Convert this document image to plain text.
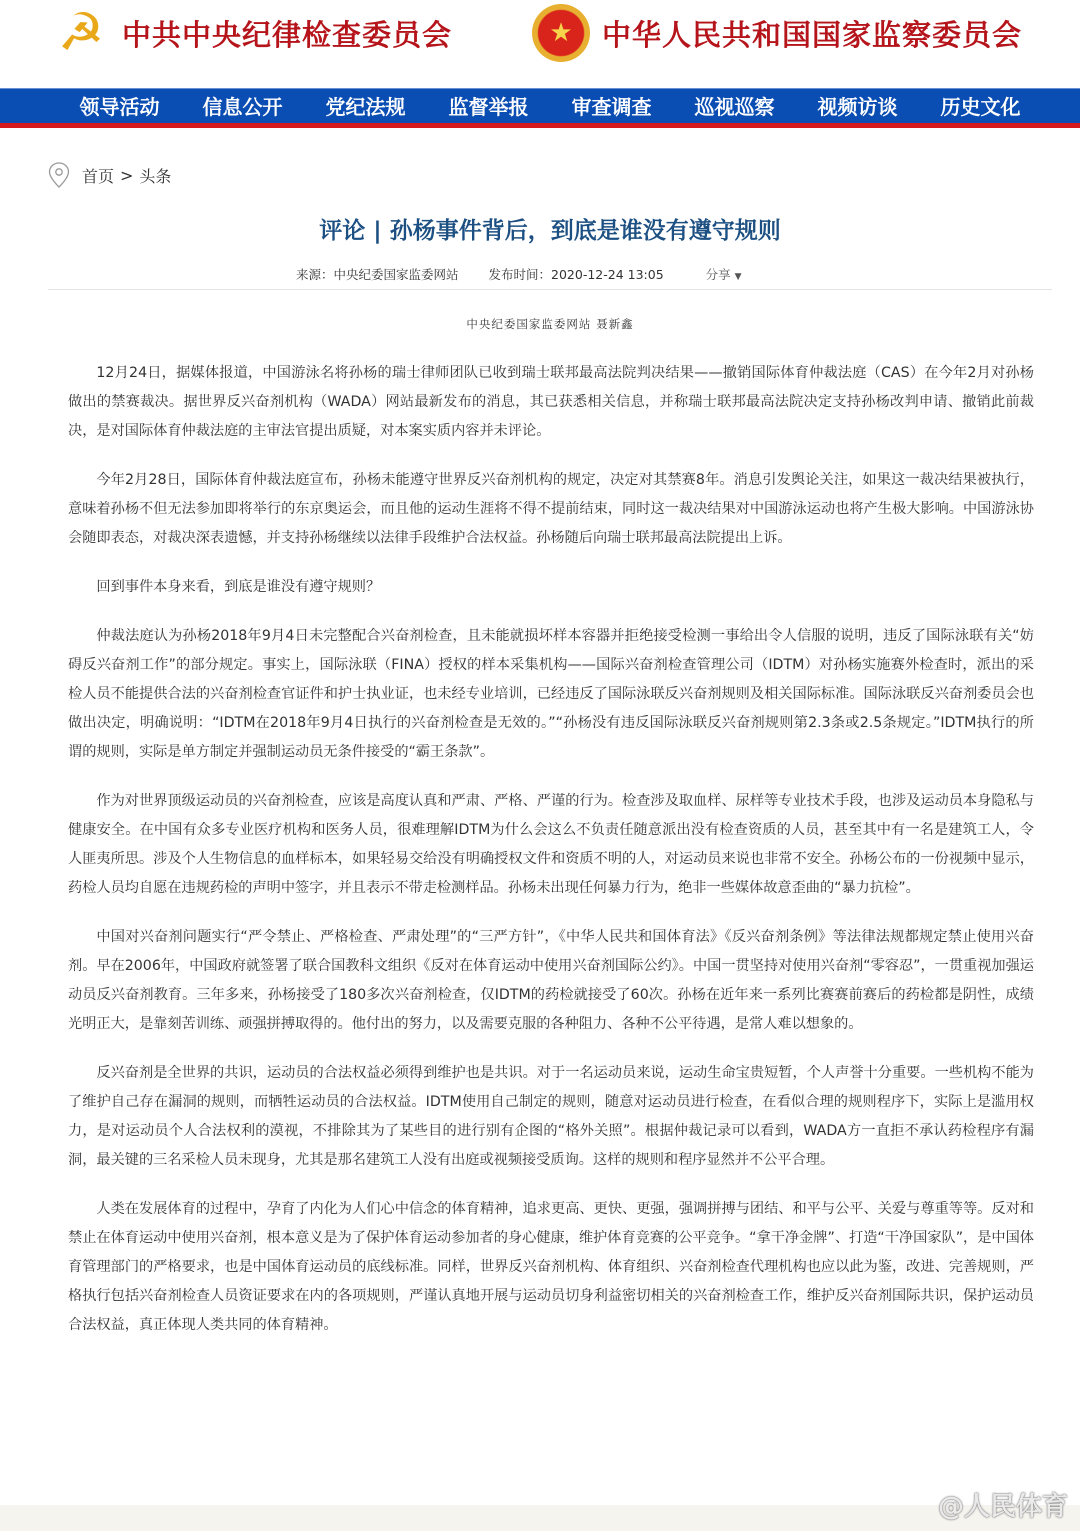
☭ 中共中央纪律检查委员会	★	中华人民共和国国家监察委员会
领导活动	信息公开	党纪法规	监督举报	审查调查	巡视巡察	视频访谈	历史文化
首页 > 头条
评论 | 孙杨事件背后，到底是谁没有遵守规则
来源：中央纪委国家监委网站 发布时间：2020-12-24 13:05	分享 ▼
中央纪委国家监委网站 聂新鑫

12月24日，据媒体报道，中国游泳名将孙杨的瑞士律师团队已收到瑞士联邦最高法院判决结果——撤销国际体育仲裁法庭（CAS）在今年2月对孙杨做出的禁赛裁决。据世界反兴奋剂机构（WADA）网站最新发布的消息，其已获悉相关信息，并称瑞士联邦最高法院决定支持孙杨改判申请、撤销此前裁决，是对国际体育仲裁法庭的主审法官提出质疑，对本案实质内容并未评论。

今年2月28日，国际体育仲裁法庭宣布，孙杨未能遵守世界反兴奋剂机构的规定，决定对其禁赛8年。消息引发舆论关注，如果这一裁决结果被执行，意味着孙杨不但无法参加即将举行的东京奥运会，而且他的运动生涯将不得不提前结束，同时这一裁决结果对中国游泳运动也将产生极大影响。中国游泳协会随即表态，对裁决深表遗憾，并支持孙杨继续以法律手段维护合法权益。孙杨随后向瑞士联邦最高法院提出上诉。

回到事件本身来看，到底是谁没有遵守规则？

仲裁法庭认为孙杨2018年9月4日未完整配合兴奋剂检查，且未能就损坏样本容器并拒绝接受检测一事给出令人信服的说明，违反了国际泳联有关“妨碍反兴奋剂工作”的部分规定。事实上，国际泳联（FINA）授权的样本采集机构——国际兴奋剂检查管理公司（IDTM）对孙杨实施赛外检查时，派出的采检人员不能提供合法的兴奋剂检查官证件和护士执业证，也未经专业培训，已经违反了国际泳联反兴奋剂规则及相关国际标准。国际泳联反兴奋剂委员会也做出决定，明确说明：“IDTM在2018年9月4日执行的兴奋剂检查是无效的。”“孙杨没有违反国际泳联反兴奋剂规则第2.3条或2.5条规定。”IDTM执行的所谓的规则，实际是单方制定并强制运动员无条件接受的“霸王条款”。

作为对世界顶级运动员的兴奋剂检查，应该是高度认真和严肃、严格、严谨的行为。检查涉及取血样、尿样等专业技术手段，也涉及运动员本身隐私与健康安全。在中国有众多专业医疗机构和医务人员，很难理解IDTM为什么会这么不负责任随意派出没有检查资质的人员，甚至其中有一名是建筑工人，令人匪夷所思。涉及个人生物信息的血样标本，如果轻易交给没有明确授权文件和资质不明的人，对运动员来说也非常不安全。孙杨公布的一份视频中显示，药检人员均自愿在违规药检的声明中签字，并且表示不带走检测样品。孙杨未出现任何暴力行为，绝非一些媒体故意歪曲的“暴力抗检”。

中国对兴奋剂问题实行“严令禁止、严格检查、严肃处理”的“三严方针”，《中华人民共和国体育法》《反兴奋剂条例》等法律法规都规定禁止使用兴奋剂。早在2006年，中国政府就签署了联合国教科文组织《反对在体育运动中使用兴奋剂国际公约》。中国一贯坚持对使用兴奋剂“零容忍”，一贯重视加强运动员反兴奋剂教育。三年多来，孙杨接受了180多次兴奋剂检查，仅IDTM的药检就接受了60次。孙杨在近年来一系列比赛赛前赛后的药检都是阴性，成绩光明正大，是靠刻苦训练、顽强拼搏取得的。他付出的努力，以及需要克服的各种阻力、各种不公平待遇，是常人难以想象的。

反兴奋剂是全世界的共识，运动员的合法权益必须得到维护也是共识。对于一名运动员来说，运动生命宝贵短暂，个人声誉十分重要。一些机构不能为了维护自己存在漏洞的规则，而牺牲运动员的合法权益。IDTM使用自己制定的规则，随意对运动员进行检查，在看似合理的规则程序下，实际上是滥用权力，是对运动员个人合法权利的漠视，不排除其为了某些目的进行别有企图的“格外关照”。根据仲裁记录可以看到，WADA方一直拒不承认药检程序有漏洞，最关键的三名采检人员未现身，尤其是那名建筑工人没有出庭或视频接受质询。这样的规则和程序显然并不公平合理。

人类在发展体育的过程中，孕育了内化为人们心中信念的体育精神，追求更高、更快、更强，强调拼搏与团结、和平与公平、关爱与尊重等等。反对和禁止在体育运动中使用兴奋剂，根本意义是为了保护体育运动参加者的身心健康，维护体育竞赛的公平竞争。“拿干净金牌”、打造“干净国家队”，是中国体育管理部门的严格要求，也是中国体育运动员的底线标准。同样，世界反兴奋剂机构、体育组织、兴奋剂检查代理机构也应以此为鉴，改进、完善规则，严格执行包括兴奋剂检查人员资证要求在内的各项规则，严谨认真地开展与运动员切身利益密切相关的兴奋剂检查工作，维护反兴奋剂国际共识，保护运动员合法权益，真正体现人类共同的体育精神。

@人民体育
